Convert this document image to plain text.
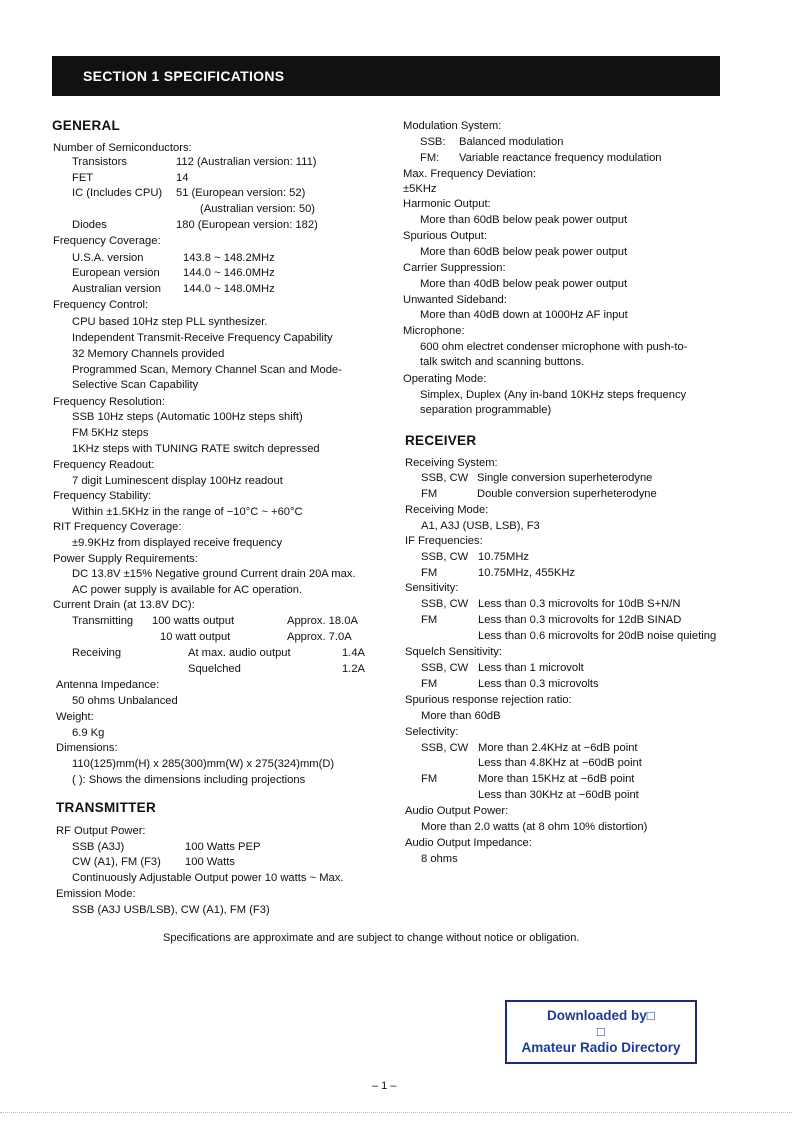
SECTION 1 SPECIFICATIONS
GENERAL
Number of Semiconductors:
Transistors	112 (Australian version: 111)
FET	14
IC (Includes CPU) 51 (European version: 52)
(Australian version: 50)
Diodes	180 (European version: 182)
Frequency Coverage:
U.S.A. version	143.8 ~ 148.2MHz
European version 144.0 ~ 146.0MHz
Australian version 144.0 ~ 148.0MHz
Frequency Control:
CPU based 10Hz step PLL synthesizer.
Independent Transmit-Receive Frequency Capability
32 Memory Channels provided
Programmed Scan, Memory Channel Scan and Mode-
Selective Scan Capability
Frequency Resolution:
SSB 10Hz steps (Automatic 100Hz steps shift)
FM 5KHz steps
1KHz steps with TUNING RATE switch depressed
Frequency Readout:
7 digit Luminescent display 100Hz readout
Frequency Stability:
Within ±1.5KHz in the range of −10°C ~ +60°C
RIT Frequency Coverage:
±9.9KHz from displayed receive frequency
Power Supply Requirements:
DC 13.8V ±15% Negative ground Current drain 20A max.
AC power supply is available for AC operation.
Current Drain (at 13.8V DC):
Transmitting 100 watts output	Approx. 18.0A
10 watt output	Approx. 7.0A
Receiving	At max. audio output	1.4A
Squelched	1.2A
Antenna Impedance:
50 ohms Unbalanced
Weight:
6.9 Kg
Dimensions:
110(125)mm(H) x 285(300)mm(W) x 275(324)mm(D)
( ): Shows the dimensions including projections
TRANSMITTER
RF Output Power:
SSB (A3J)	100 Watts PEP
CW (A1), FM (F3) 100 Watts
Continuously Adjustable Output power 10 watts ~ Max.
Emission Mode:
SSB (A3J USB/LSB), CW (A1), FM (F3)
Modulation System:
SSB: Balanced modulation
FM: Variable reactance frequency modulation
Max. Frequency Deviation:
±5KHz
Harmonic Output:
More than 60dB below peak power output
Spurious Output:
More than 60dB below peak power output
Carrier Suppression:
More than 40dB below peak power output
Unwanted Sideband:
More than 40dB down at 1000Hz AF input
Microphone:
600 ohm electret condenser microphone with push-to-
talk switch and scanning buttons.
Operating Mode:
Simplex, Duplex (Any in-band 10KHz steps frequency
separation programmable)
RECEIVER
Receiving System:
SSB, CW Single conversion superheterodyne
FM	Double conversion superheterodyne
Receiving Mode:
A1, A3J (USB, LSB), F3
IF Frequencies:
SSB, CW 10.75MHz
FM	10.75MHz, 455KHz
Sensitivity:
SSB, CW Less than 0.3 microvolts for 10dB S+N/N
FM	Less than 0.3 microvolts for 12dB SINAD
Less than 0.6 microvolts for 20dB noise quieting
Squelch Sensitivity:
SSB, CW Less than 1 microvolt
FM	Less than 0.3 microvolts
Spurious response rejection ratio:
More than 60dB
Selectivity:
SSB, CW More than 2.4KHz at −6dB point
Less than 4.8KHz at −60dB point
FM	More than 15KHz at −6dB point
Less than 30KHz at −60dB point
Audio Output Power:
More than 2.0 watts (at 8 ohm 10% distortion)
Audio Output Impedance:
8 ohms
Specifications are approximate and are subject to change without notice or obligation.
Downloaded by□
□
Amateur Radio Directory
– 1 –
